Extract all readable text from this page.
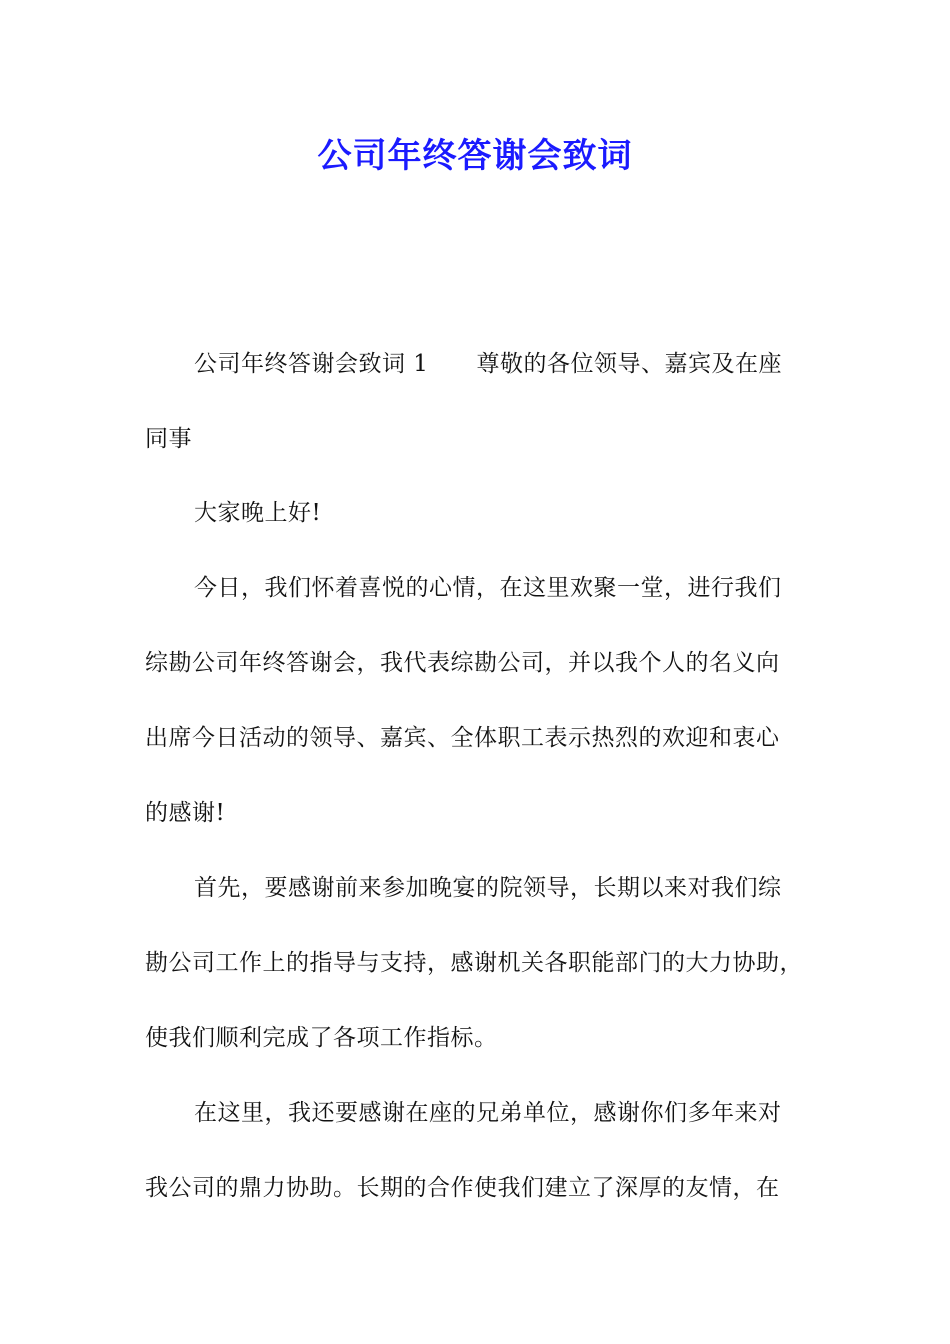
公司年终答谢会致词
公司年终答谢会致词 1 尊敬的各位领导、嘉宾及在座
同事
大家晚上好!
今日，我们怀着喜悦的心情，在这里欢聚一堂，进行我们
综勘公司年终答谢会，我代表综勘公司，并以我个人的名义向
出席今日活动的领导、嘉宾、全体职工表示热烈的欢迎和衷心
的感谢!
首先，要感谢前来参加晚宴的院领导，长期以来对我们综
勘公司工作上的指导与支持，感谢机关各职能部门的大力协助，
使我们顺利完成了各项工作指标。
在这里，我还要感谢在座的兄弟单位，感谢你们多年来对
我公司的鼎力协助。长期的合作使我们建立了深厚的友情，在
